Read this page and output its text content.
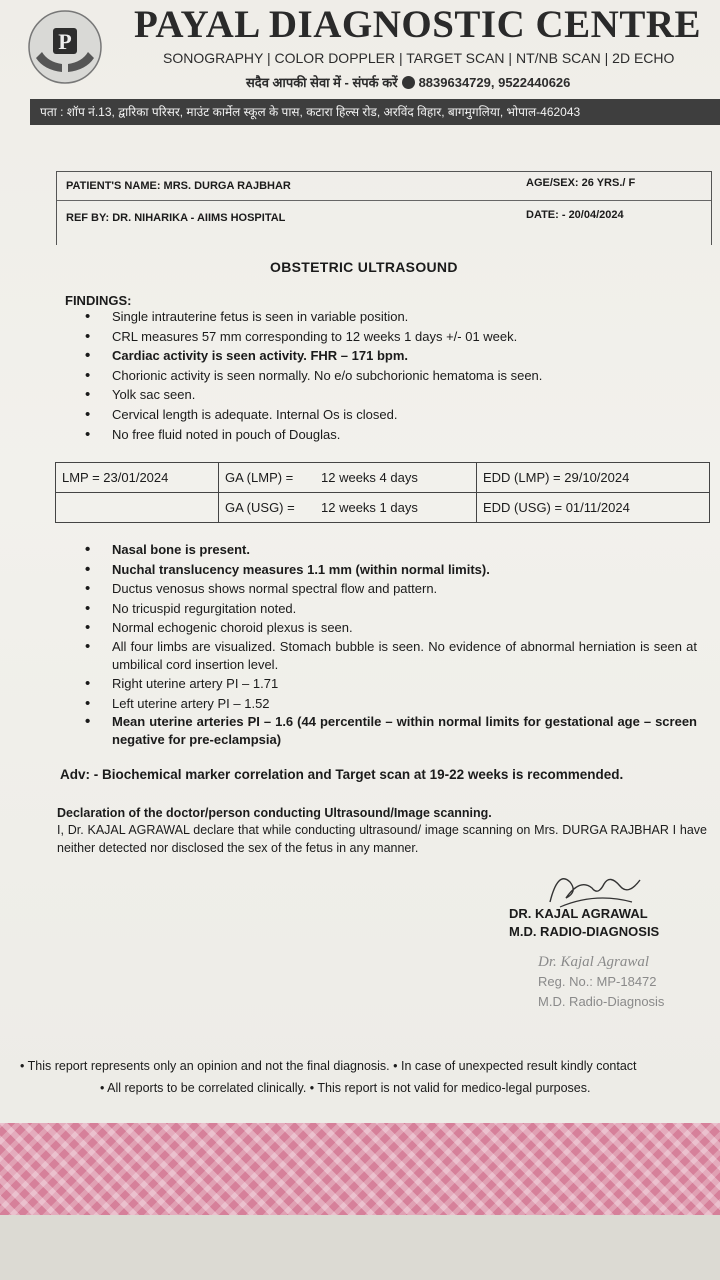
P PAYAL DIAGNOSTIC CENTRE
SONOGRAPHY | COLOR DOPPLER | TARGET SCAN | NT/NB SCAN | 2D ECHO
सदैव आपकी सेवा में - संपर्क करें 8839634729, 9522440626
पता : शॉप नं.13, द्वारिका परिसर, माउंट कार्मेल स्कूल के पास, कटारा हिल्स रोड, अरविंद विहार, बागमुगलिया, भोपाल-462043
PATIENT'S NAME: MRS. DURGA RAJBHAR	AGE/SEX: 26 YRS./ F
REF BY: DR. NIHARIKA - AIIMS HOSPITAL	DATE: - 20/04/2024
OBSTETRIC ULTRASOUND
FINDINGS:
• Single intrauterine fetus is seen in variable position.
• CRL measures 57 mm corresponding to 12 weeks 1 days +/- 01 week.
• Cardiac activity is seen activity. FHR – 171 bpm.
• Chorionic activity is seen normally. No e/o subchorionic hematoma is seen.
• Yolk sac seen.
• Cervical length is adequate. Internal Os is closed.
• No free fluid noted in pouch of Douglas.
LMP = 23/01/2024	GA (LMP) = 12 weeks 4 days	EDD (LMP) = 29/10/2024
	GA (USG) = 12 weeks 1 days	EDD (USG) = 01/11/2024
• Nasal bone is present.
• Nuchal translucency measures 1.1 mm (within normal limits).
• Ductus venosus shows normal spectral flow and pattern.
• No tricuspid regurgitation noted.
• Normal echogenic choroid plexus is seen.
• All four limbs are visualized. Stomach bubble is seen. No evidence of abnormal herniation is seen at umbilical cord insertion level.
• Right uterine artery PI – 1.71
• Left uterine artery PI – 1.52
• Mean uterine arteries PI – 1.6 (44 percentile – within normal limits for gestational age – screen negative for pre-eclampsia)
Adv: - Biochemical marker correlation and Target scan at 19-22 weeks is recommended.
Declaration of the doctor/person conducting Ultrasound/Image scanning.
I, Dr. KAJAL AGRAWAL declare that while conducting ultrasound/ image scanning on Mrs. DURGA RAJBHAR I have neither detected nor disclosed the sex of the fetus in any manner.
DR. KAJAL AGRAWAL
M.D. RADIO-DIAGNOSIS
Dr. Kajal Agrawal
Reg. No.: MP-18472
M.D. Radio-Diagnosis
• This report represents only an opinion and not the final diagnosis. • In case of unexpected result kindly contact
• All reports to be correlated clinically. • This report is not valid for medico-legal purposes.
